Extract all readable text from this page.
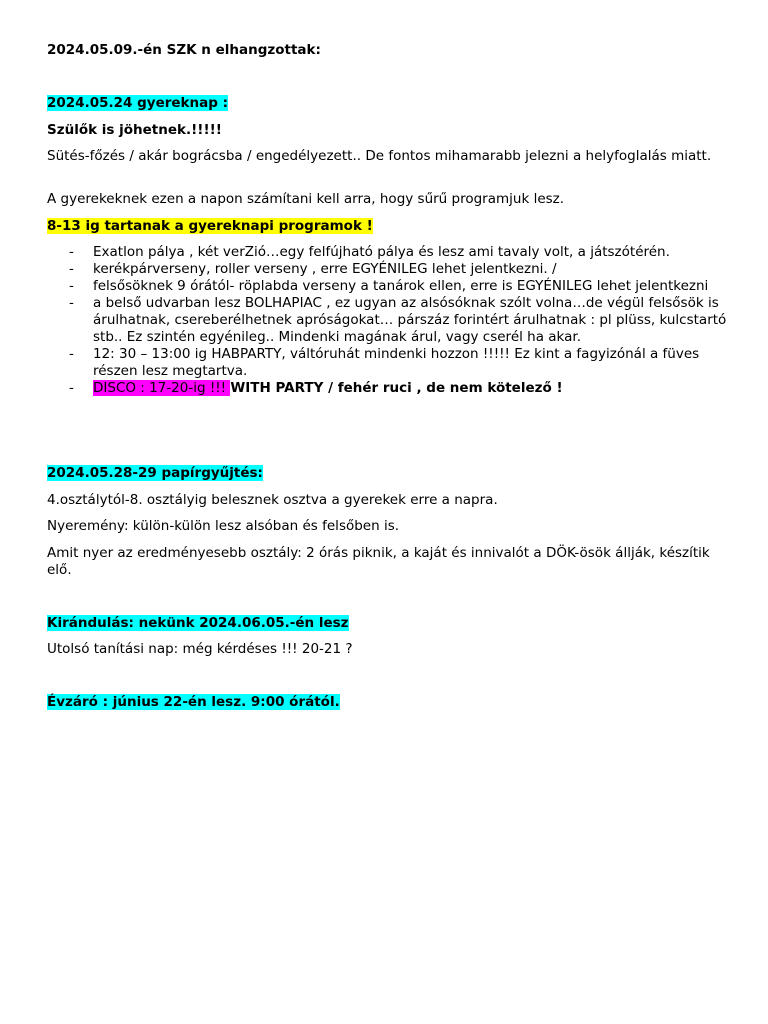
2024.05.09.-én SZK n elhangzottak:

2024.05.24 gyereknap :

Szülők is jöhetnek.!!!!!

Sütés-főzés / akár bográcsba / engedélyezett.. De fontos mihamarabb jelezni a helyfoglalás miatt.

A gyerekeknek ezen a napon számítani kell arra, hogy sűrű programjuk lesz.

8-13 ig tartanak a gyereknapi programok !

- Exatlon pálya , két verZió…egy felfújható pálya és lesz ami tavaly volt, a játszótérén.
- kerékpárverseny, roller verseny , erre EGYÉNILEG lehet jelentkezni. /
- felsősöknek 9 órától- röplabda verseny a tanárok ellen, erre is EGYÉNILEG lehet jelentkezni
- a belső udvarban lesz BOLHAPIAC , ez ugyan az alsósóknak szólt volna…de végül felsősök is árulhatnak, csereberélhetnek apróságokat… párszáz forintért árulhatnak : pl plüss, kulcstartó stb.. Ez szintén egyénileg.. Mindenki magának árul, vagy cserél ha akar.
- 12: 30 – 13:00 ig HABPARTY, váltóruhát mindenki hozzon !!!!! Ez kint a fagyizónál a füves részen lesz megtartva.
- DISCO : 17-20-ig !!! WITH PARTY / fehér ruci , de nem kötelező !

2024.05.28-29 papírgyűjtés:

4.osztálytól-8. osztályig belesznek osztva a gyerekek erre a napra.

Nyeremény: külön-külön lesz alsóban és felsőben is.

Amit nyer az eredményesebb osztály: 2 órás piknik, a kaját és innivalót a DÖK-ösök állják, készítik elő.

Kirándulás: nekünk 2024.06.05.-én lesz

Utolsó tanítási nap: még kérdéses !!! 20-21 ?

Évzáró : június 22-én lesz. 9:00 órától.
